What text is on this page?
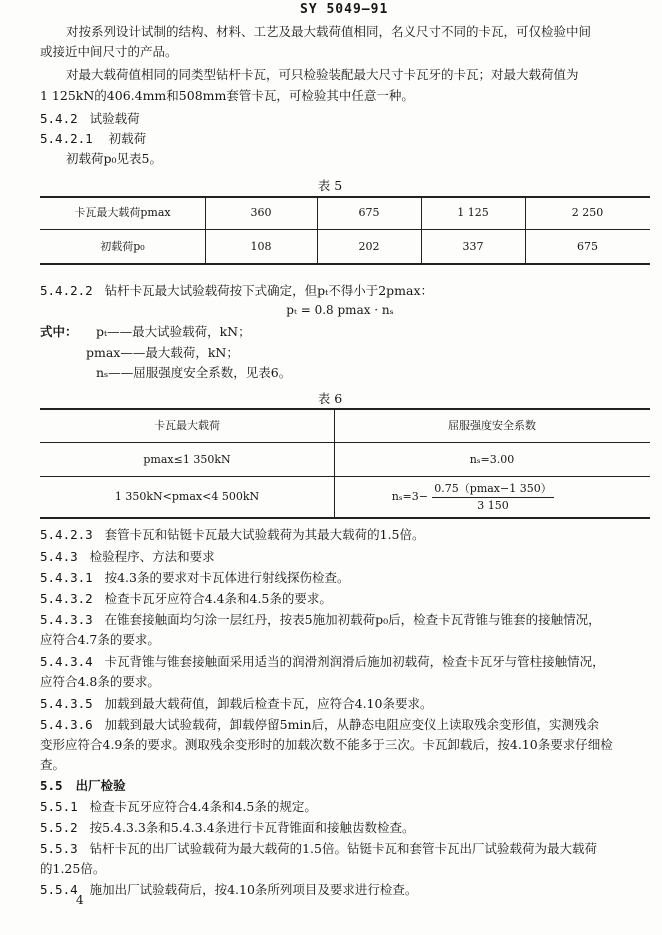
SY 5049—91
对按系列设计试制的结构、材料、工艺及最大载荷值相同，名义尺寸不同的卡瓦，可仅检验中间
或接近中间尺寸的产品。
对最大载荷值相同的同类型钻杆卡瓦，可只检验装配最大尺寸卡瓦牙的卡瓦；对最大载荷值为
1 125kN的406.4mm和508mm套管卡瓦，可检验其中任意一种。
5.4.2 试验载荷
5.4.2.1 初载荷
初载荷p₀见表5。
表 5
卡瓦最大载荷pmax	360	675	1 125	2 250
初载荷p₀	108	202	337	675
5.4.2.2 钻杆卡瓦最大试验载荷按下式确定，但pₜ不得小于2pmax：
pₜ = 0.8 pmax · nₛ
式中： pₜ——最大试验载荷，kN；
pmax——最大载荷，kN；
nₛ——屈服强度安全系数，见表6。
表 6
卡瓦最大载荷	屈服强度安全系数
pmax≤1 350kN	nₛ=3.00
1 350kN<pmax<4 500kN	nₛ=3−
0.75（pmax−1 350）
3 150
5.4.2.3 套管卡瓦和钻铤卡瓦最大试验载荷为其最大载荷的1.5倍。
5.4.3 检验程序、方法和要求
5.4.3.1 按4.3条的要求对卡瓦体进行射线探伤检查。
5.4.3.2 检查卡瓦牙应符合4.4条和4.5条的要求。
5.4.3.3 在锥套接触面均匀涂一层红丹，按表5施加初载荷p₀后，检查卡瓦背锥与锥套的接触情况，
应符合4.7条的要求。
5.4.3.4 卡瓦背锥与锥套接触面采用适当的润滑剂润滑后施加初载荷，检查卡瓦牙与管柱接触情况，
应符合4.8条的要求。
5.4.3.5 加载到最大载荷值，卸载后检查卡瓦，应符合4.10条要求。
5.4.3.6 加载到最大试验载荷，卸载停留5min后，从静态电阻应变仪上读取残余变形值，实测残余
变形应符合4.9条的要求。测取残余变形时的加载次数不能多于三次。卡瓦卸载后，按4.10条要求仔细检
查。
5.5 出厂检验
5.5.1 检查卡瓦牙应符合4.4条和4.5条的规定。
5.5.2 按5.4.3.3条和5.4.3.4条进行卡瓦背锥面和接触齿数检查。
5.5.3 钻杆卡瓦的出厂试验载荷为最大载荷的1.5倍。钻铤卡瓦和套管卡瓦出厂试验载荷为最大载荷
的1.25倍。
5.5.4 施加出厂试验载荷后，按4.10条所列项目及要求进行检查。
4
